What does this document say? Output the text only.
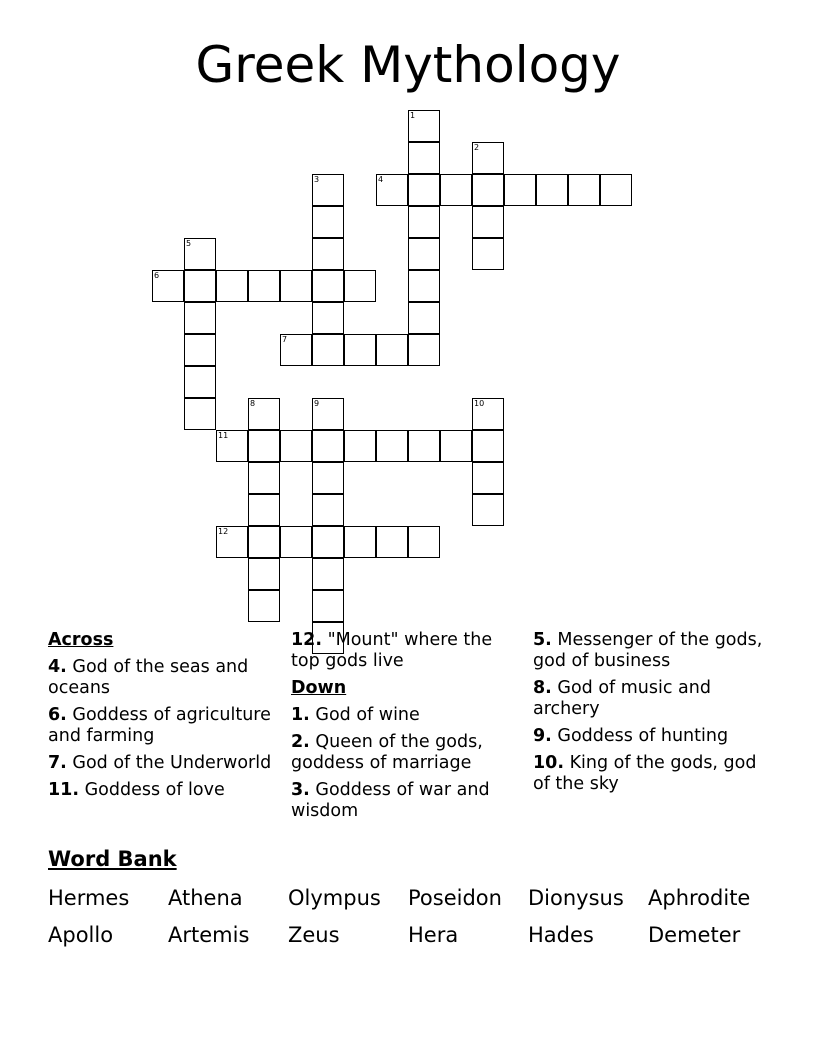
Greek Mythology
1
2
3	4
5
6
7
8	9	10
11
12
Across
4. God of the seas and oceans
6. Goddess of agriculture and farming
7. God of the Underworld
11. Goddess of love
12. "Mount" where the top gods live
Down
1. God of wine
2. Queen of the gods, goddess of marriage
3. Goddess of war and wisdom
5. Messenger of the gods, god of business
8. God of music and archery
9. Goddess of hunting
10. King of the gods, god of the sky
Word Bank
Hermes Athena Olympus Poseidon Dionysus Aphrodite
Apollo	Artemis Zeus	Hera	Hades	Demeter
